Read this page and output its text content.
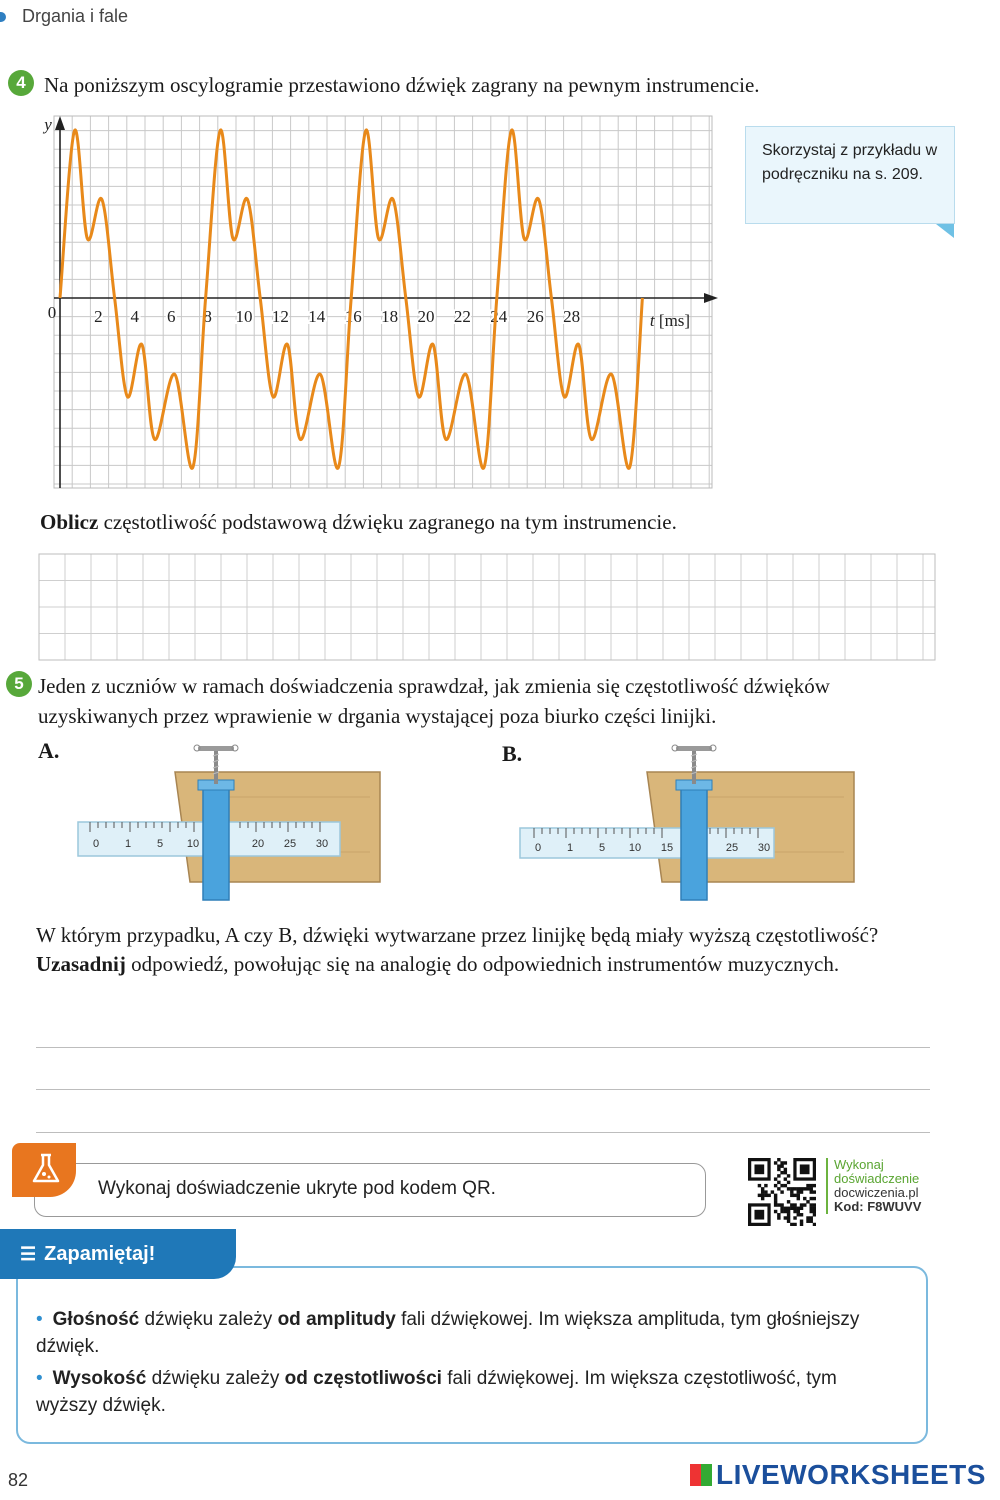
Drgania i fale
4 Na poniższym oscylogramie przestawiono dźwięk zagrany na pewnym instrumencie.
Skorzystaj z przykładu w podręczniku na s. 209.
y
0 2 4 6 8 10 12 14 16 18 20 22 24 26 28	t [ms]
Oblicz częstotliwość podstawową dźwięku zagranego na tym instrumencie.
5 Jeden z uczniów w ramach doświadczenia sprawdzał, jak zmienia się częstotliwość dźwięków uzyskiwanych przez wprawienie w drgania wystającej poza biurko części linijki.
A.	B.
0 1 5 10	20 25 30	0 1 5 10 15	25 30
W którym przypadku, A czy B, dźwięki wytwarzane przez linijkę będą miały wyższą częstotliwość? Uzasadnij odpowiedź, powołując się na analogię do odpowiednich instrumentów muzycznych.
Wykonaj doświadczenie ukryte pod kodem QR.
Wykonaj
doświadczenie
docwiczenia.pl
Kod: F8WUVV
☰ Zapamiętaj!
• Głośność dźwięku zależy od amplitudy fali dźwiękowej. Im większa amplituda, tym głośniejszy dźwięk.
• Wysokość dźwięku zależy od częstotliwości fali dźwiękowej. Im większa częstotliwość, tym wyższy dźwięk.
82	LIVEWORKSHEETS
